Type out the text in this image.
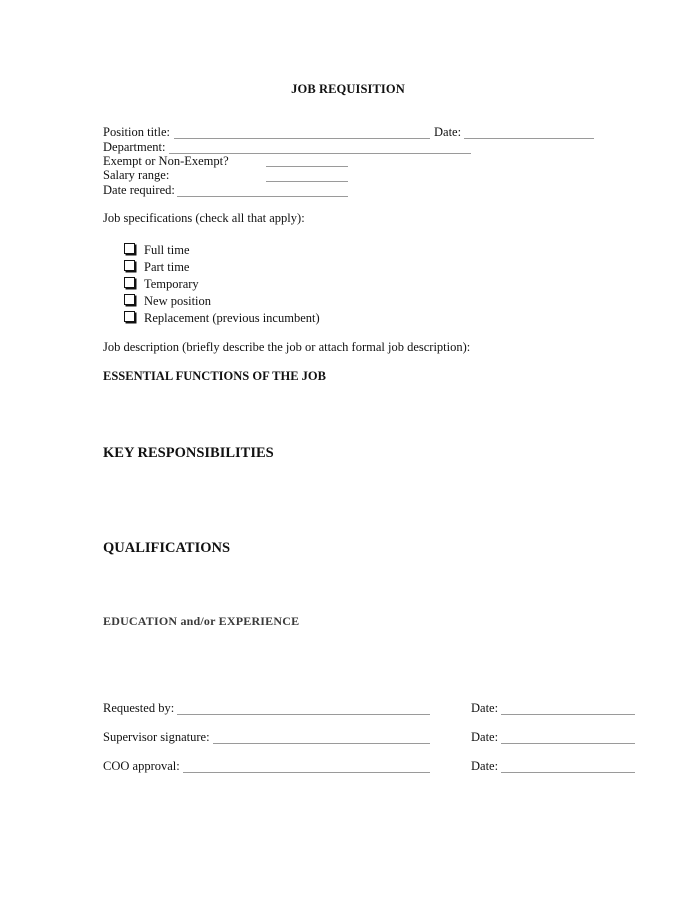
JOB REQUISITION
Position title:	Date:
Department:
Exempt or Non-Exempt?
Salary range:
Date required:
Job specifications (check all that apply):
Full time
Part time
Temporary
New position
Replacement (previous incumbent)
Job description (briefly describe the job or attach formal job description):
ESSENTIAL FUNCTIONS OF THE JOB
KEY RESPONSIBILITIES
QUALIFICATIONS
EDUCATION and/or EXPERIENCE
Requested by:	Date:
Supervisor signature:	Date:
COO approval:	Date:
